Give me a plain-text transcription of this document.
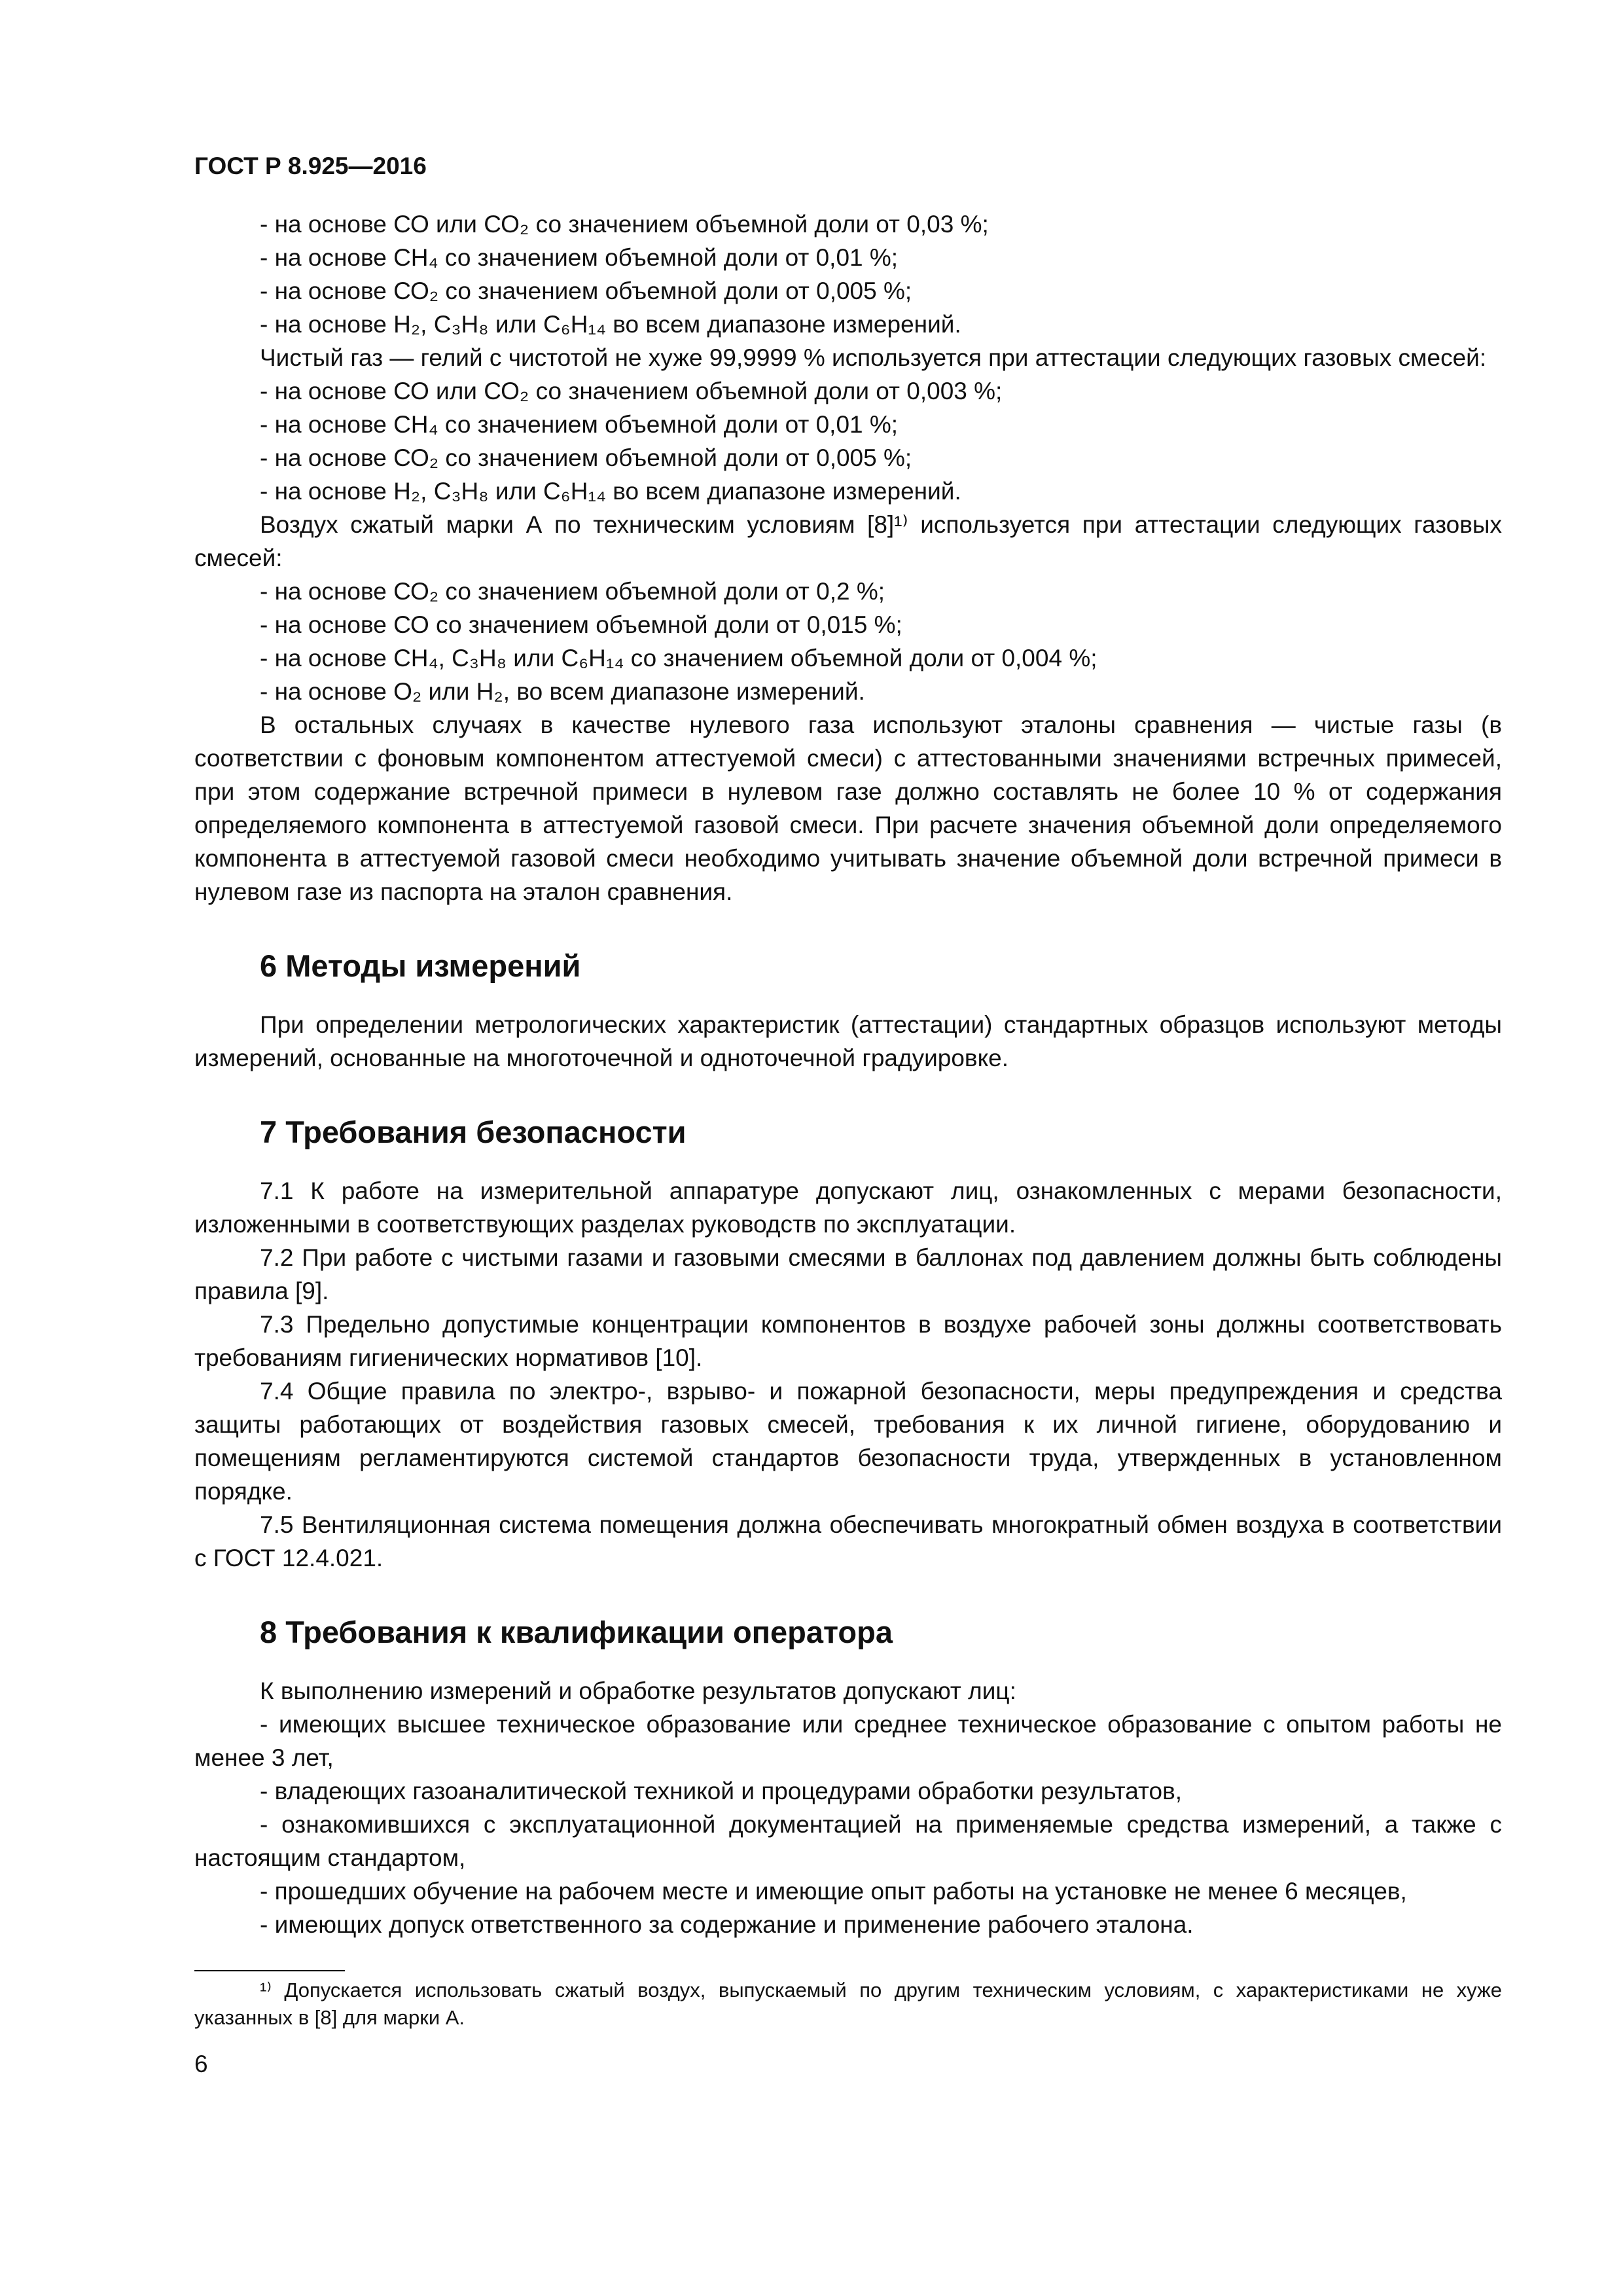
ГОСТ Р 8.925—2016
- на основе СО или СО₂ со значением объемной доли от 0,03 %;
- на основе СН₄ со значением объемной доли от 0,01 %;
- на основе СО₂ со значением объемной доли от 0,005 %;
- на основе Н₂, С₃Н₈ или С₆Н₁₄ во всем диапазоне измерений.
Чистый газ — гелий с чистотой не хуже 99,9999 % используется при аттестации следующих газовых смесей:
- на основе СО или СО₂ со значением объемной доли от 0,003 %;
- на основе СН₄ со значением объемной доли от 0,01 %;
- на основе СО₂ со значением объемной доли от 0,005 %;
- на основе Н₂, С₃Н₈ или С₆Н₁₄ во всем диапазоне измерений.
Воздух сжатый марки А по техническим условиям [8]¹⁾ используется при аттестации следующих газовых смесей:
- на основе СО₂ со значением объемной доли от 0,2 %;
- на основе СО со значением объемной доли от 0,015 %;
- на основе СН₄, С₃Н₈ или С₆Н₁₄ со значением объемной доли от 0,004 %;
- на основе О₂ или Н₂, во всем диапазоне измерений.
В остальных случаях в качестве нулевого газа используют эталоны сравнения — чистые газы (в соответствии с фоновым компонентом аттестуемой смеси) с аттестованными значениями встречных примесей, при этом содержание встречной примеси в нулевом газе должно составлять не более 10 % от содержания определяемого компонента в аттестуемой газовой смеси. При расчете значения объемной доли определяемого компонента в аттестуемой газовой смеси необходимо учитывать значение объемной доли встречной примеси в нулевом газе из паспорта на эталон сравнения.
6 Методы измерений
При определении метрологических характеристик (аттестации) стандартных образцов используют методы измерений, основанные на многоточечной и одноточечной градуировке.
7 Требования безопасности
7.1 К работе на измерительной аппаратуре допускают лиц, ознакомленных с мерами безопасности, изложенными в соответствующих разделах руководств по эксплуатации.
7.2 При работе с чистыми газами и газовыми смесями в баллонах под давлением должны быть соблюдены правила [9].
7.3 Предельно допустимые концентрации компонентов в воздухе рабочей зоны должны соответствовать требованиям гигиенических нормативов [10].
7.4 Общие правила по электро-, взрыво- и пожарной безопасности, меры предупреждения и средства защиты работающих от воздействия газовых смесей, требования к их личной гигиене, оборудованию и помещениям регламентируются системой стандартов безопасности труда, утвержденных в установленном порядке.
7.5 Вентиляционная система помещения должна обеспечивать многократный обмен воздуха в соответствии с ГОСТ 12.4.021.
8 Требования к квалификации оператора
К выполнению измерений и обработке результатов допускают лиц:
- имеющих высшее техническое образование или среднее техническое образование с опытом работы не менее 3 лет,
- владеющих газоаналитической техникой и процедурами обработки результатов,
- ознакомившихся с эксплуатационной документацией на применяемые средства измерений, а также с настоящим стандартом,
- прошедших обучение на рабочем месте и имеющие опыт работы на установке не менее 6 месяцев,
- имеющих допуск ответственного за содержание и применение рабочего эталона.
¹⁾ Допускается использовать сжатый воздух, выпускаемый по другим техническим условиям, с характеристиками не хуже указанных в [8] для марки А.
6
